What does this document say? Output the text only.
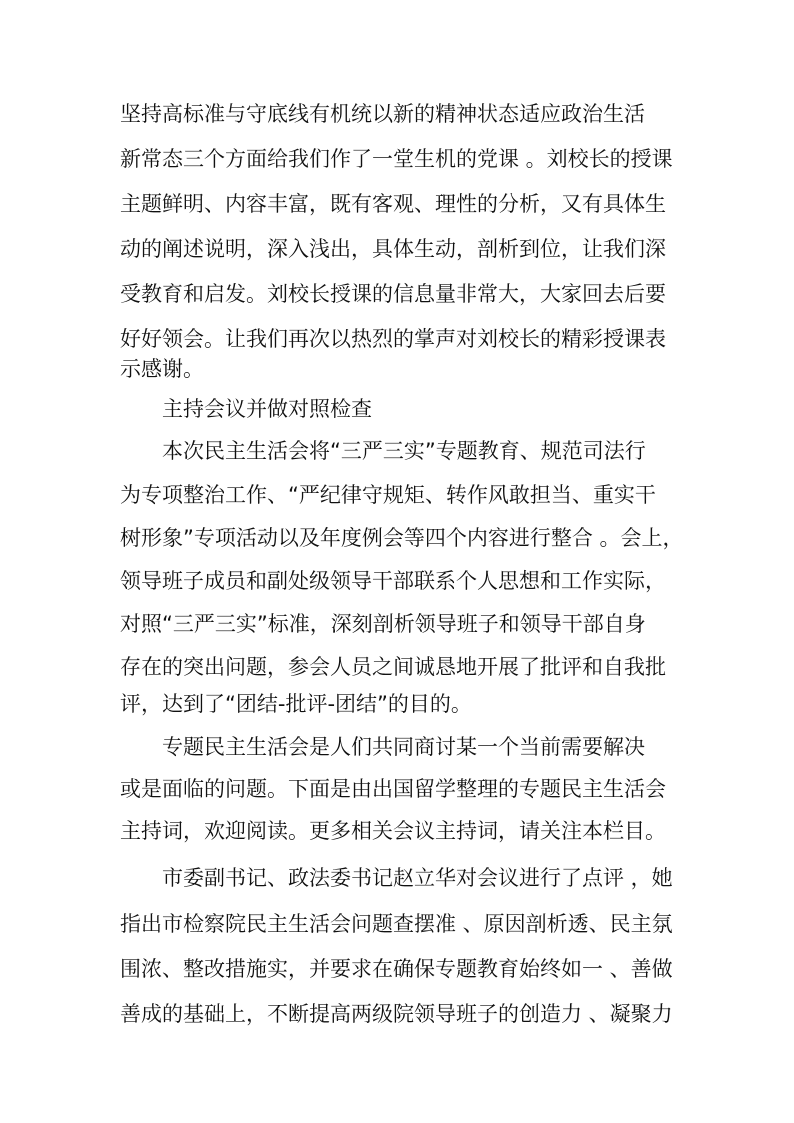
坚持高标准与守底线有机统以新的精神状态适应政治生活
新常态三个方面给我们作了一堂生机的党课 。刘校长的授课
主题鲜明、内容丰富，既有客观、理性的分析，又有具体生
动的阐述说明，深入浅出，具体生动，剖析到位，让我们深
受教育和启发。刘校长授课的信息量非常大，大家回去后要
好好领会。让我们再次以热烈的掌声对刘校长的精彩授课表
示感谢。
主持会议并做对照检查
本次民主生活会将“三严三实”专题教育、规范司法行
为专项整治工作、“严纪律守规矩、转作风敢担当、重实干
树形象”专项活动以及年度例会等四个内容进行整合 。会上，
领导班子成员和副处级领导干部联系个人思想和工作实际，
对照“三严三实”标准，深刻剖析领导班子和领导干部自身
存在的突出问题，参会人员之间诚恳地开展了批评和自我批
评，达到了“团结-批评-团结”的目的。
专题民主生活会是人们共同商讨某一个当前需要解决
或是面临的问题。下面是由出国留学整理的专题民主生活会
主持词，欢迎阅读。更多相关会议主持词，请关注本栏目。
市委副书记、政法委书记赵立华对会议进行了点评 ，她
指出市检察院民主生活会问题查摆准 、原因剖析透、民主氛
围浓、整改措施实，并要求在确保专题教育始终如一 、善做
善成的基础上，不断提高两级院领导班子的创造力 、凝聚力
